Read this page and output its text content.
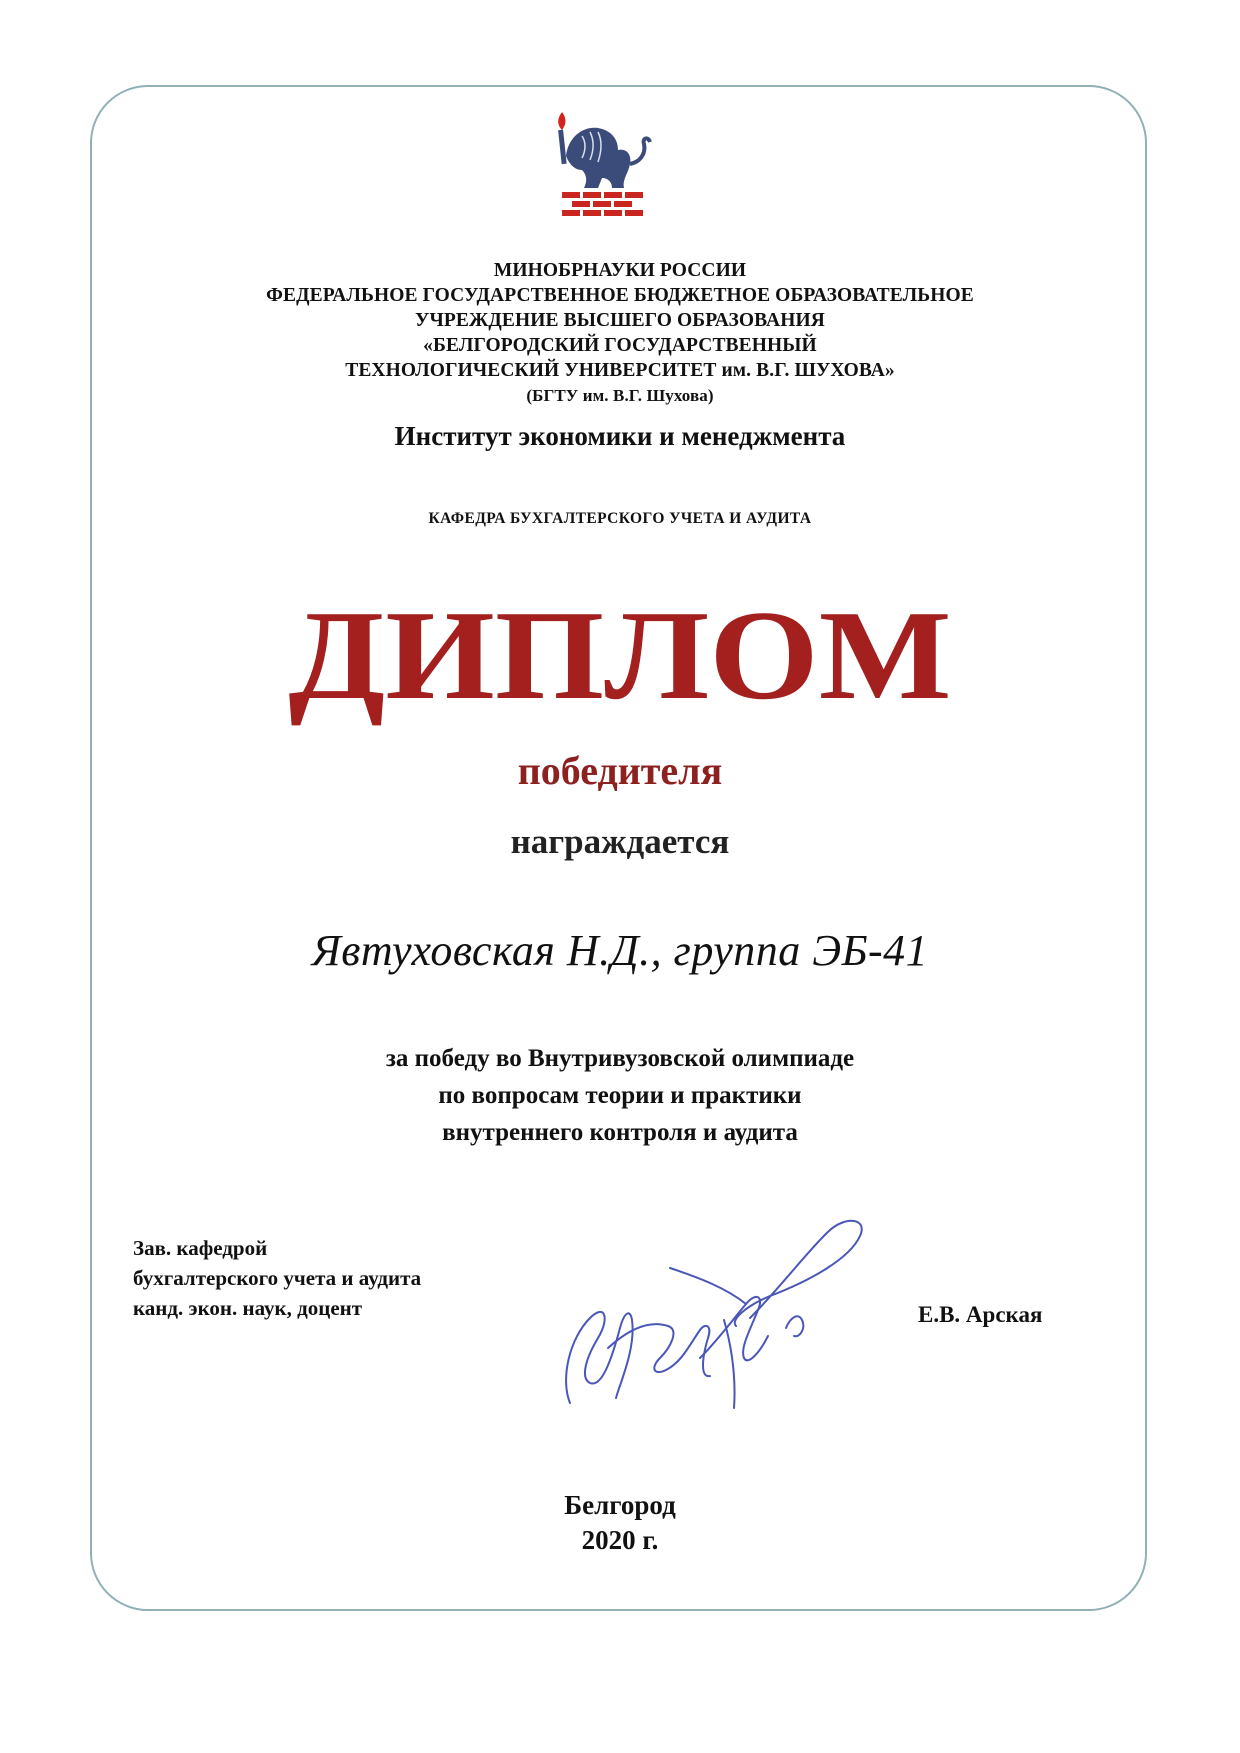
МИНОБРНАУКИ РОССИИ
ФЕДЕРАЛЬНОЕ ГОСУДАРСТВЕННОЕ БЮДЖЕТНОЕ ОБРАЗОВАТЕЛЬНОЕ
УЧРЕЖДЕНИЕ ВЫСШЕГО ОБРАЗОВАНИЯ
«БЕЛГОРОДСКИЙ ГОСУДАРСТВЕННЫЙ
ТЕХНОЛОГИЧЕСКИЙ УНИВЕРСИТЕТ им. В.Г. ШУХОВА»
(БГТУ им. В.Г. Шухова)
Институт экономики и менеджмента
КАФЕДРА БУХГАЛТЕРСКОГО УЧЕТА И АУДИТА
ДИПЛОМ
победителя
награждается
Явтуховская Н.Д., группа ЭБ-41
за победу во Внутривузовской олимпиаде
по вопросам теории и практики
внутреннего контроля и аудита
Зав. кафедрой
бухгалтерского учета и аудита
канд. экон. наук, доцент	Е.В. Арская
Белгород
2020 г.
